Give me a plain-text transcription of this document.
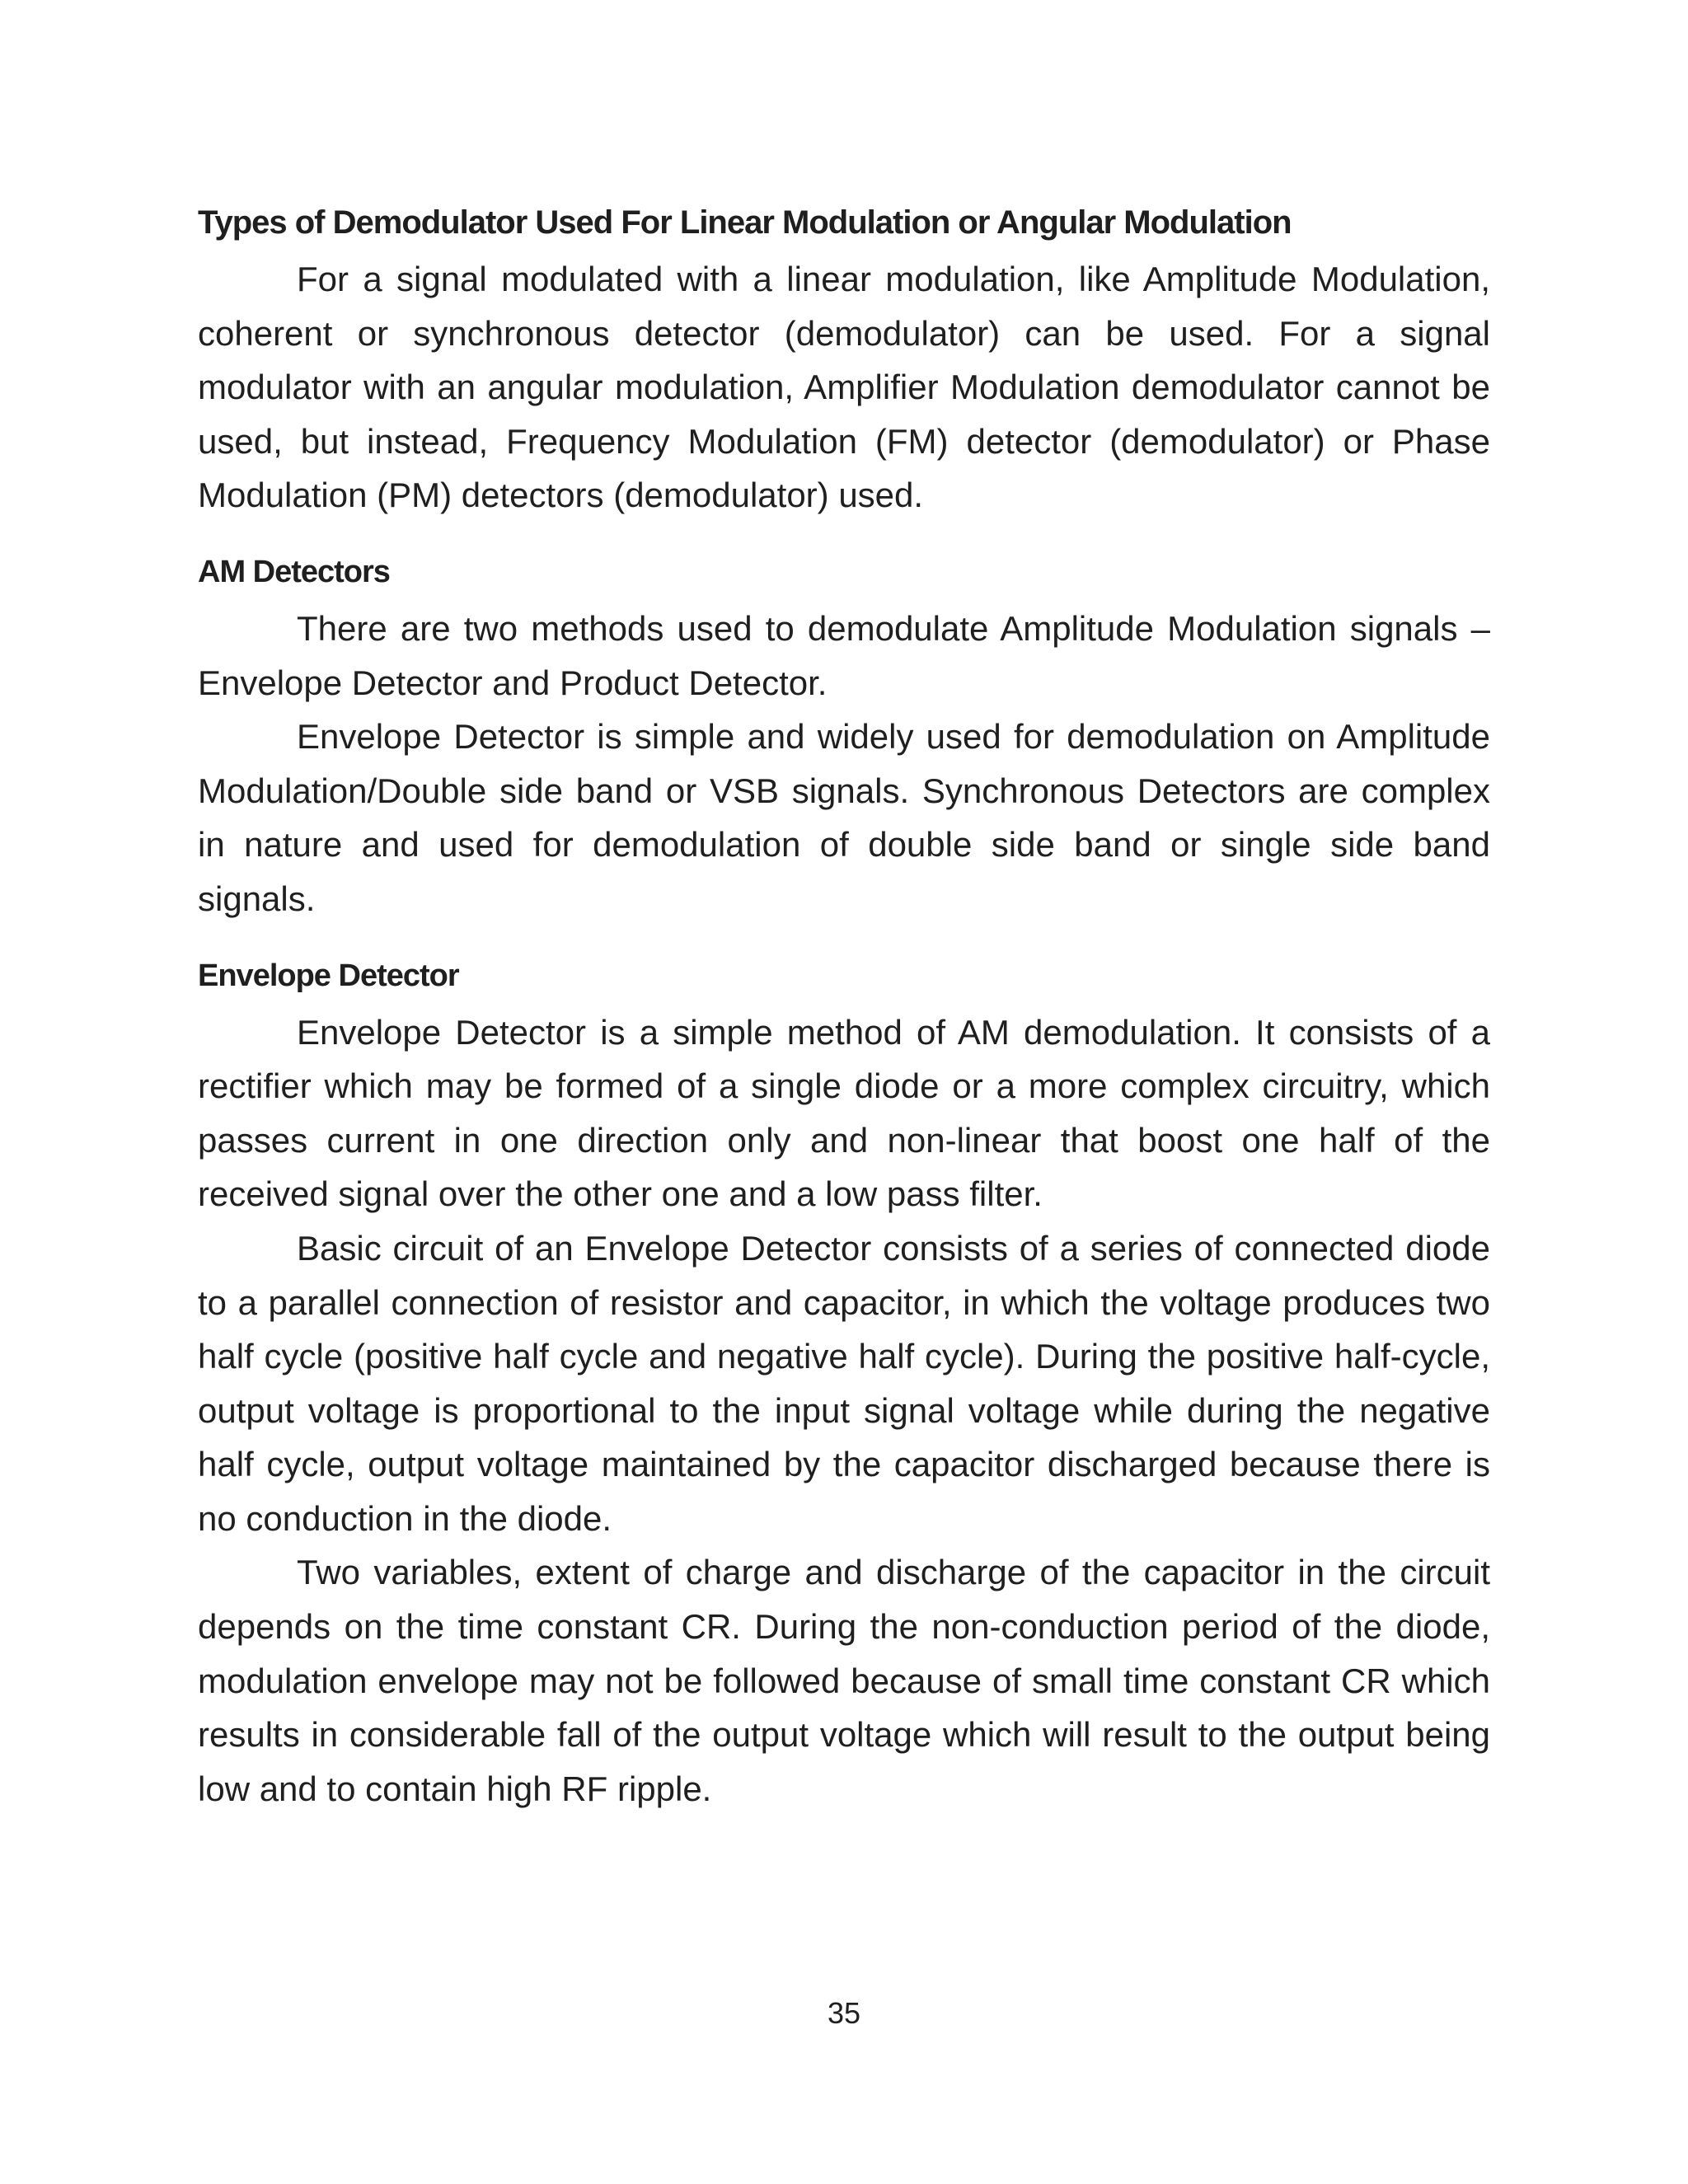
Types of Demodulator Used For Linear Modulation or Angular Modulation

For a signal modulated with a linear modulation, like Amplitude Modulation, coherent or synchronous detector (demodulator) can be used. For a signal modulator with an angular modulation, Amplifier Modulation demodulator cannot be used, but instead, Frequency Modulation (FM) detector (demodulator) or Phase Modulation (PM) detectors (demodulator) used.

AM Detectors

There are two methods used to demodulate Amplitude Modulation signals – Envelope Detector and Product Detector.

Envelope Detector is simple and widely used for demodulation on Amplitude Modulation/Double side band or VSB signals. Synchronous Detectors are complex in nature and used for demodulation of double side band or single side band signals.

Envelope Detector

Envelope Detector is a simple method of AM demodulation. It consists of a rectifier which may be formed of a single diode or a more complex circuitry, which passes current in one direction only and non-linear that boost one half of the received signal over the other one and a low pass filter.

Basic circuit of an Envelope Detector consists of a series of connected diode to a parallel connection of resistor and capacitor, in which the voltage produces two half cycle (positive half cycle and negative half cycle). During the positive half-cycle, output voltage is proportional to the input signal voltage while during the negative half cycle, output voltage maintained by the capacitor discharged because there is no conduction in the diode.

Two variables, extent of charge and discharge of the capacitor in the circuit depends on the time constant CR. During the non-conduction period of the diode, modulation envelope may not be followed because of small time constant CR which results in considerable fall of the output voltage which will result to the output being low and to contain high RF ripple.

35
